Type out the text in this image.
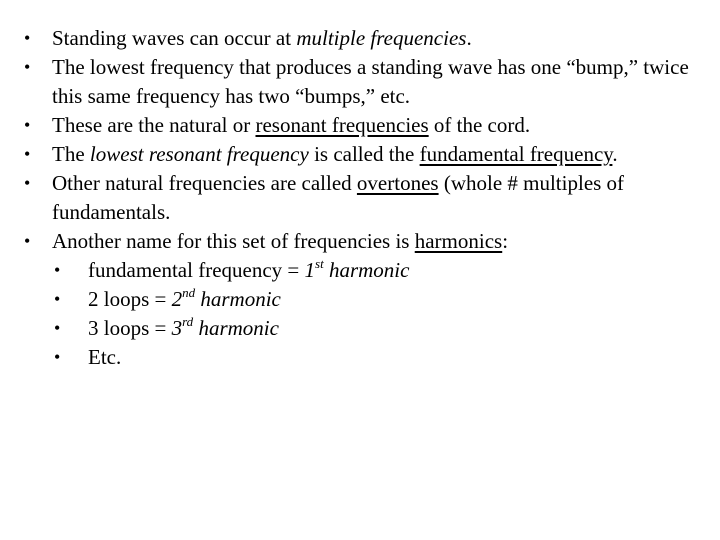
•	Standing waves can occur at multiple frequencies.
•	The lowest frequency that produces a standing wave has one “bump,” twice this same frequency has two “bumps,” etc.
•	These are the natural or resonant frequencies of the cord.
•	The lowest resonant frequency is called the fundamental frequency.
•	Other natural frequencies are called overtones (whole # multiples of fundamentals.
•	Another name for this set of frequencies is harmonics:
•	fundamental frequency = 1st harmonic
•	2 loops = 2nd harmonic
•	3 loops = 3rd harmonic
•	Etc.
